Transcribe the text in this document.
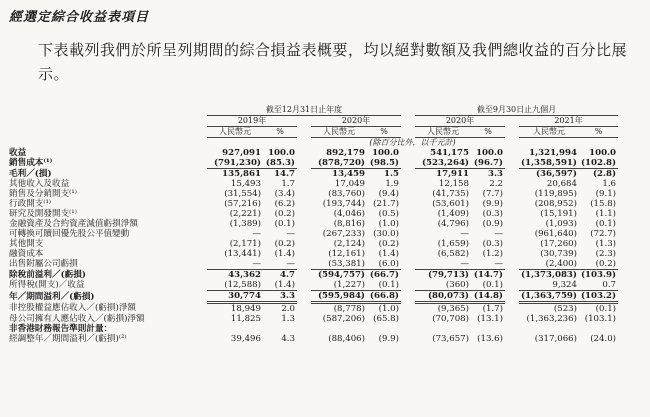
經選定綜合收益表項目
下表載列我們於所呈列期間的綜合損益表概要，均以絕對數額及我們總收益的百分比展示。
	截至12月31日止年度						截至9月30日止九個月				
	2019年			2020年			2020年			2021年	
	人民幣元	%		人民幣元	%		人民幣元	%		人民幣元	%
	(除百分比外，以千元計)										
收益	927,091	100.0		892,179	100.0		541,175	100.0		1,321,994	100.0
銷售成本⁽¹⁾	(791,230)	(85.3)		(878,720)	(98.5)		(523,264)	(96.7)		(1,358,591)	(102.8)
毛利／(損)	135,861	14.7		13,459	1.5		17,911	3.3		(36,597)	(2.8)
其他收入及收益	15,493	1.7		17,049	1.9		12,158	2.2		20,684	1.6
銷售及分銷開支⁽¹⁾	(31,554)	(3.4)		(83,760)	(9.4)		(41,735)	(7.7)		(119,895)	(9.1)
行政開支⁽¹⁾	(57,216)	(6.2)		(193,744)	(21.7)		(53,601)	(9.9)		(208,952)	(15.8)
研究及開發開支⁽¹⁾	(2,221)	(0.2)		(4,046)	(0.5)		(1,409)	(0.3)		(15,191)	(1.1)
金融資產及合約資產減值虧損淨額	(1,389)	(0.1)		(8,816)	(1.0)		(4,796)	(0.9)		(1,093)	(0.1)
可轉換可贖回優先股公平值變動	—	—		(267,233)	(30.0)		—	—		(961,640)	(72.7)
其他開支	(2,171)	(0.2)		(2,124)	(0.2)		(1,659)	(0.3)		(17,260)	(1.3)
融資成本	(13,441)	(1.4)		(12,161)	(1.4)		(6,582)	(1.2)		(30,739)	(2.3)
出售附屬公司虧損	—	—		(53,381)	(6.0)		—	—		(2,400)	(0.2)
除稅前溢利／(虧損)	43,362	4.7		(594,757)	(66.7)		(79,713)	(14.7)		(1,373,083)	(103.9)
所得稅(開支)／收益	(12,588)	(1.4)		(1,227)	(0.1)		(360)	(0.1)		9,324	0.7
年／期間溢利／(虧損)	30,774	3.3		(595,984)	(66.8)		(80,073)	(14.8)		(1,363,759)	(103.2)
非控股權益應佔收入／(虧損)淨額	18,949	2.0		(8,778)	(1.0)		(9,365)	(1.7)		(523)	(0.1)
母公司擁有人應佔收入／(虧損)淨額	11,825	1.3		(587,206)	(65.8)		(70,708)	(13.1)		(1,363,236)	(103.1)
非香港財務報告準則計量：											
經調整年／期間溢利／(虧損)⁽²⁾	39,496	4.3		(88,406)	(9.9)		(73,657)	(13.6)		(317,066)	(24.0)
